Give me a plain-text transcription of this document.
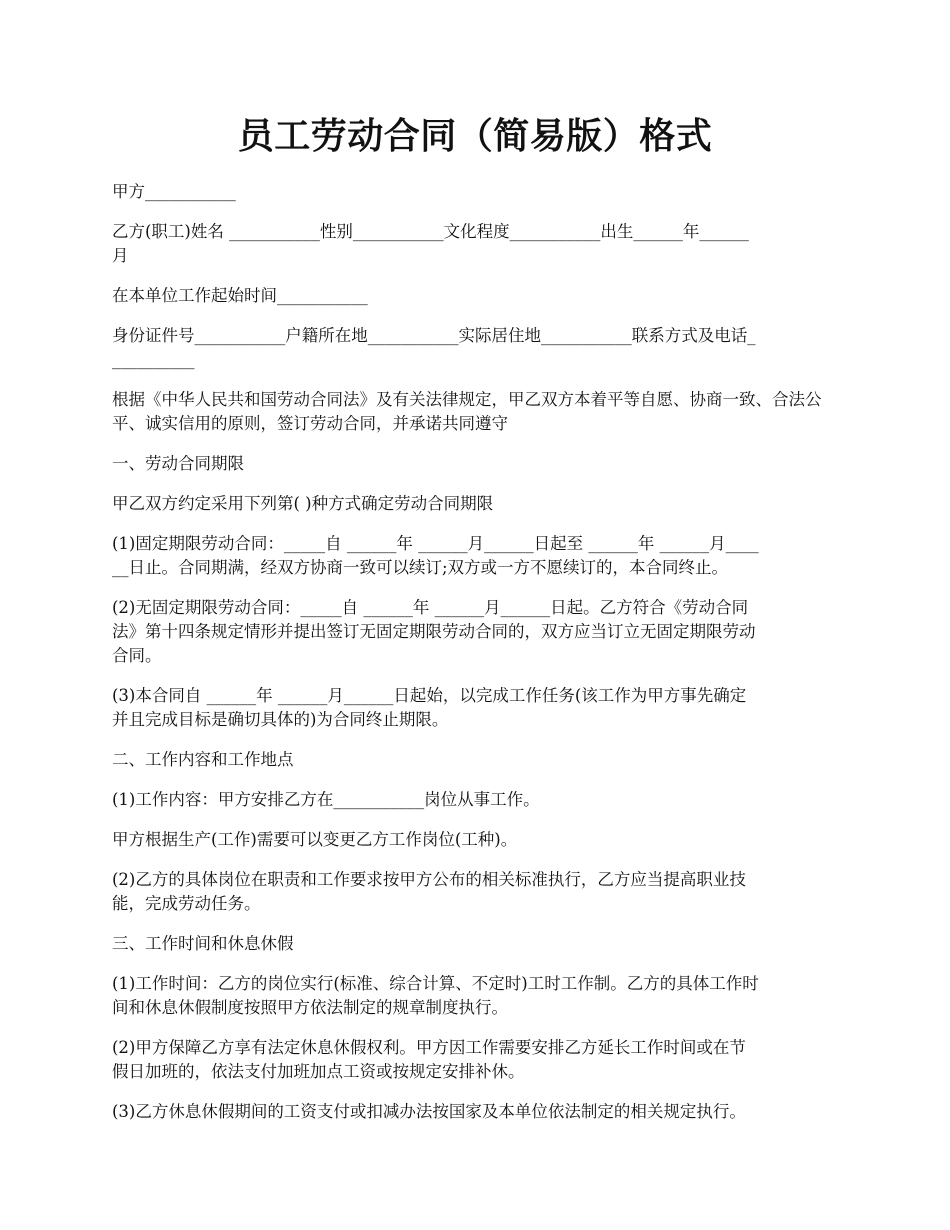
员工劳动合同（简易版）格式

甲方___________

乙方(职工)姓名 ___________性别___________文化程度___________出生______年______
月

在本单位工作起始时间___________

身份证件号___________户籍所在地___________实际居住地___________联系方式及电话_
__________

根据《中华人民共和国劳动合同法》及有关法律规定，甲乙双方本着平等自愿、协商一致、合法公平、诚实信用的原则，签订劳动合同，并承诺共同遵守

一、劳动合同期限

甲乙双方约定采用下列第( )种方式确定劳动合同期限

(1)固定期限劳动合同：_____自 ______年 ______月______日起至 ______年 ______月____
__日止。合同期满，经双方协商一致可以续订;双方或一方不愿续订的，本合同终止。

(2)无固定期限劳动合同：_____自 ______年 ______月______日起。乙方符合《劳动合同
法》第十四条规定情形并提出签订无固定期限劳动合同的，双方应当订立无固定期限劳动
合同。

(3)本合同自 ______年 ______月______日起始，以完成工作任务(该工作为甲方事先确定
并且完成目标是确切具体的)为合同终止期限。

二、工作内容和工作地点

(1)工作内容：甲方安排乙方在___________岗位从事工作。

甲方根据生产(工作)需要可以变更乙方工作岗位(工种)。

(2)乙方的具体岗位在职责和工作要求按甲方公布的相关标准执行，乙方应当提高职业技
能，完成劳动任务。

三、工作时间和休息休假

(1)工作时间：乙方的岗位实行(标准、综合计算、不定时)工时工作制。乙方的具体工作时
间和休息休假制度按照甲方依法制定的规章制度执行。

(2)甲方保障乙方享有法定休息休假权利。甲方因工作需要安排乙方延长工作时间或在节
假日加班的，依法支付加班加点工资或按规定安排补休。

(3)乙方休息休假期间的工资支付或扣减办法按国家及本单位依法制定的相关规定执行。
